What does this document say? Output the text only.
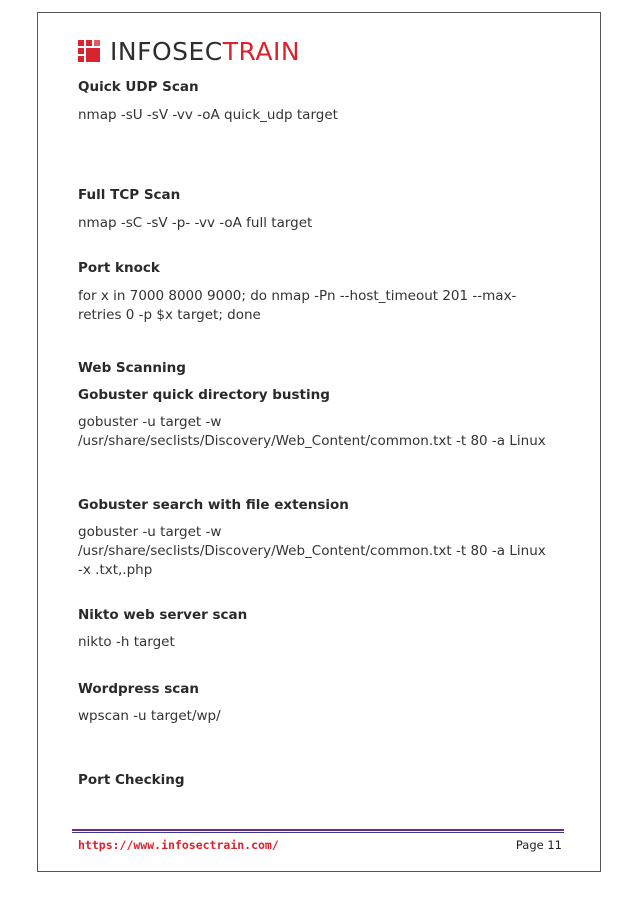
INFOSECTRAIN
Quick UDP Scan
nmap -sU -sV -vv -oA quick_udp target
Full TCP Scan
nmap -sC -sV -p- -vv -oA full target
Port knock
for x in 7000 8000 9000; do nmap -Pn --host_timeout 201 --max-retries 0 -p $x target; done
Web Scanning
Gobuster quick directory busting
gobuster -u target -w /usr/share/seclists/Discovery/Web_Content/common.txt -t 80 -a Linux
Gobuster search with file extension
gobuster -u target -w /usr/share/seclists/Discovery/Web_Content/common.txt -t 80 -a Linux -x .txt,.php
Nikto web server scan
nikto -h target
Wordpress scan
wpscan -u target/wp/
Port Checking
https://www.infosectrain.com/	Page 11
